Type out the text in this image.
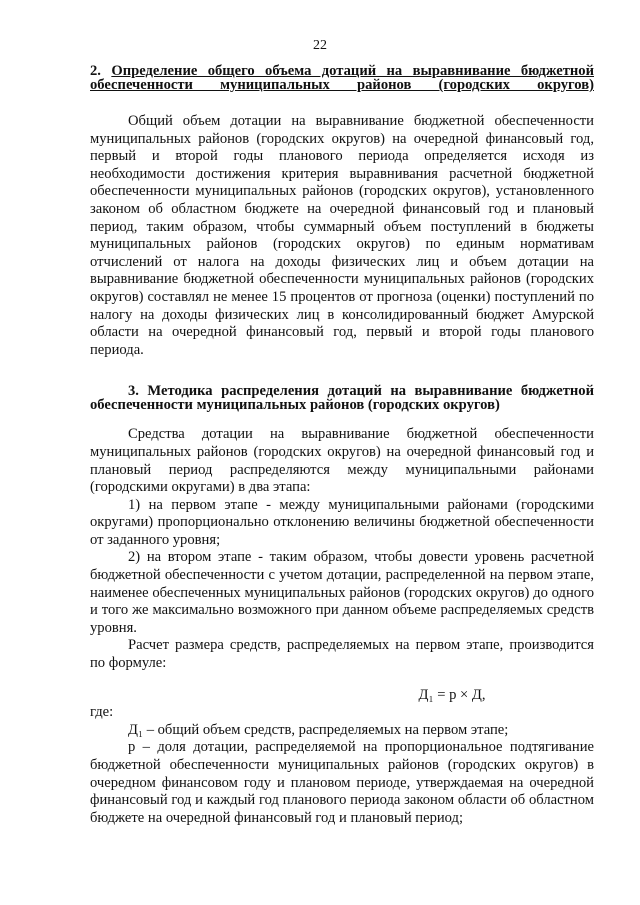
22
2. Определение общего объема дотаций на выравнивание бюджетной обеспеченности муниципальных районов (городских округов)

Общий объем дотации на выравнивание бюджетной обеспеченности муниципальных районов (городских округов) на очередной финансовый год, первый и второй годы планового периода определяется исходя из необходимости достижения критерия выравнивания расчетной бюджетной обеспеченности муниципальных районов (городских округов), установленного законом об областном бюджете на очередной финансовый год и плановый период, таким образом, чтобы суммарный объем поступлений в бюджеты муниципальных районов (городских округов) по единым нормативам отчислений от налога на доходы физических лиц и объем дотации на выравнивание бюджетной обеспеченности муниципальных районов (городских округов) составлял не менее 15 процентов от прогноза (оценки) поступлений по налогу на доходы физических лиц в консолидированный бюджет Амурской области на очередной финансовый год, первый и второй годы планового периода.

3. Методика распределения дотаций на выравнивание бюджетной обеспеченности муниципальных районов (городских округов)

Средства дотации на выравнивание бюджетной обеспеченности муниципальных районов (городских округов) на очередной финансовый год и плановый период распределяются между муниципальными районами (городскими округами) в два этапа:

1) на первом этапе - между муниципальными районами (городскими округами) пропорционально отклонению величины бюджетной обеспеченности от заданного уровня;

2) на втором этапе - таким образом, чтобы довести уровень расчетной бюджетной обеспеченности с учетом дотации, распределенной на первом этапе, наименее обеспеченных муниципальных районов (городских округов) до одного и того же максимально возможного при данном объеме распределяемых средств уровня.

Расчет размера средств, распределяемых на первом этапе, производится по формуле:

Д₁ = р × Д,

где:

Д₁ – общий объем средств, распределяемых на первом этапе;

р – доля дотации, распределяемой на пропорциональное подтягивание бюджетной обеспеченности муниципальных районов (городских округов) в очередном финансовом году и плановом периоде, утверждаемая на очередной финансовый год и каждый год планового периода законом области об областном бюджете на очередной финансовый год и плановый период;
